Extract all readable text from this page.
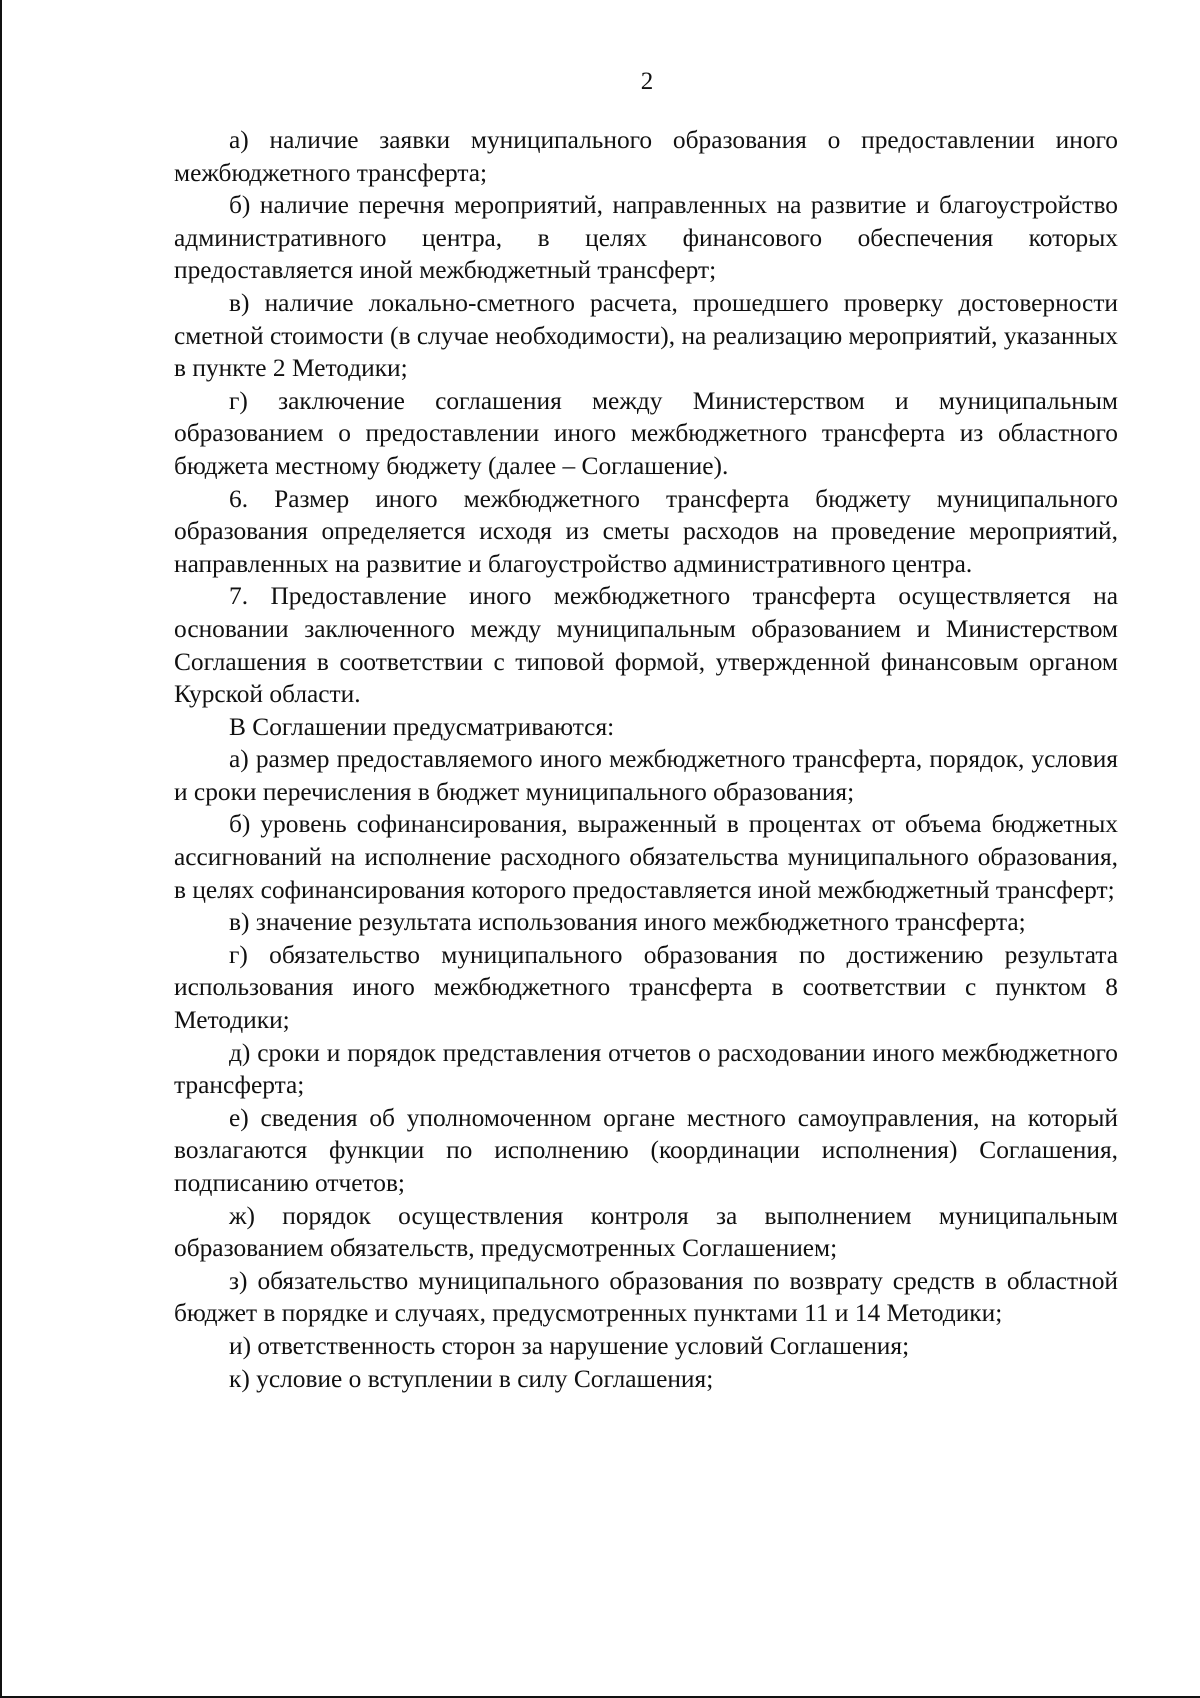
2

а) наличие заявки муниципального образования о предоставлении иного межбюджетного трансферта;

б) наличие перечня мероприятий, направленных на развитие и благоустройство административного центра, в целях финансового обеспечения которых предоставляется иной межбюджетный трансферт;

в) наличие локально-сметного расчета, прошедшего проверку достоверности сметной стоимости (в случае необходимости), на реализацию мероприятий, указанных в пункте 2 Методики;

г) заключение соглашения между Министерством и муниципальным образованием о предоставлении иного межбюджетного трансферта из областного бюджета местному бюджету (далее – Соглашение).

6. Размер иного межбюджетного трансферта бюджету муниципального образования определяется исходя из сметы расходов на проведение мероприятий, направленных на развитие и благоустройство административного центра.

7. Предоставление иного межбюджетного трансферта осуществляется на основании заключенного между муниципальным образованием и Министерством Соглашения в соответствии с типовой формой, утвержденной финансовым органом Курской области.

В Соглашении предусматриваются:

а) размер предоставляемого иного межбюджетного трансферта, порядок, условия и сроки перечисления в бюджет муниципального образования;

б) уровень софинансирования, выраженный в процентах от объема бюджетных ассигнований на исполнение расходного обязательства муниципального образования, в целях софинансирования которого предоставляется иной межбюджетный трансферт;

в) значение результата использования иного межбюджетного трансферта;

г) обязательство муниципального образования по достижению результата использования иного межбюджетного трансферта в соответствии с пунктом 8 Методики;

д) сроки и порядок представления отчетов о расходовании иного межбюджетного трансферта;

е) сведения об уполномоченном органе местного самоуправления, на который возлагаются функции по исполнению (координации исполнения) Соглашения, подписанию отчетов;

ж) порядок осуществления контроля за выполнением муниципальным образованием обязательств, предусмотренных Соглашением;

з) обязательство муниципального образования по возврату средств в областной бюджет в порядке и случаях, предусмотренных пунктами 11 и 14 Методики;

и) ответственность сторон за нарушение условий Соглашения;

к) условие о вступлении в силу Соглашения;
